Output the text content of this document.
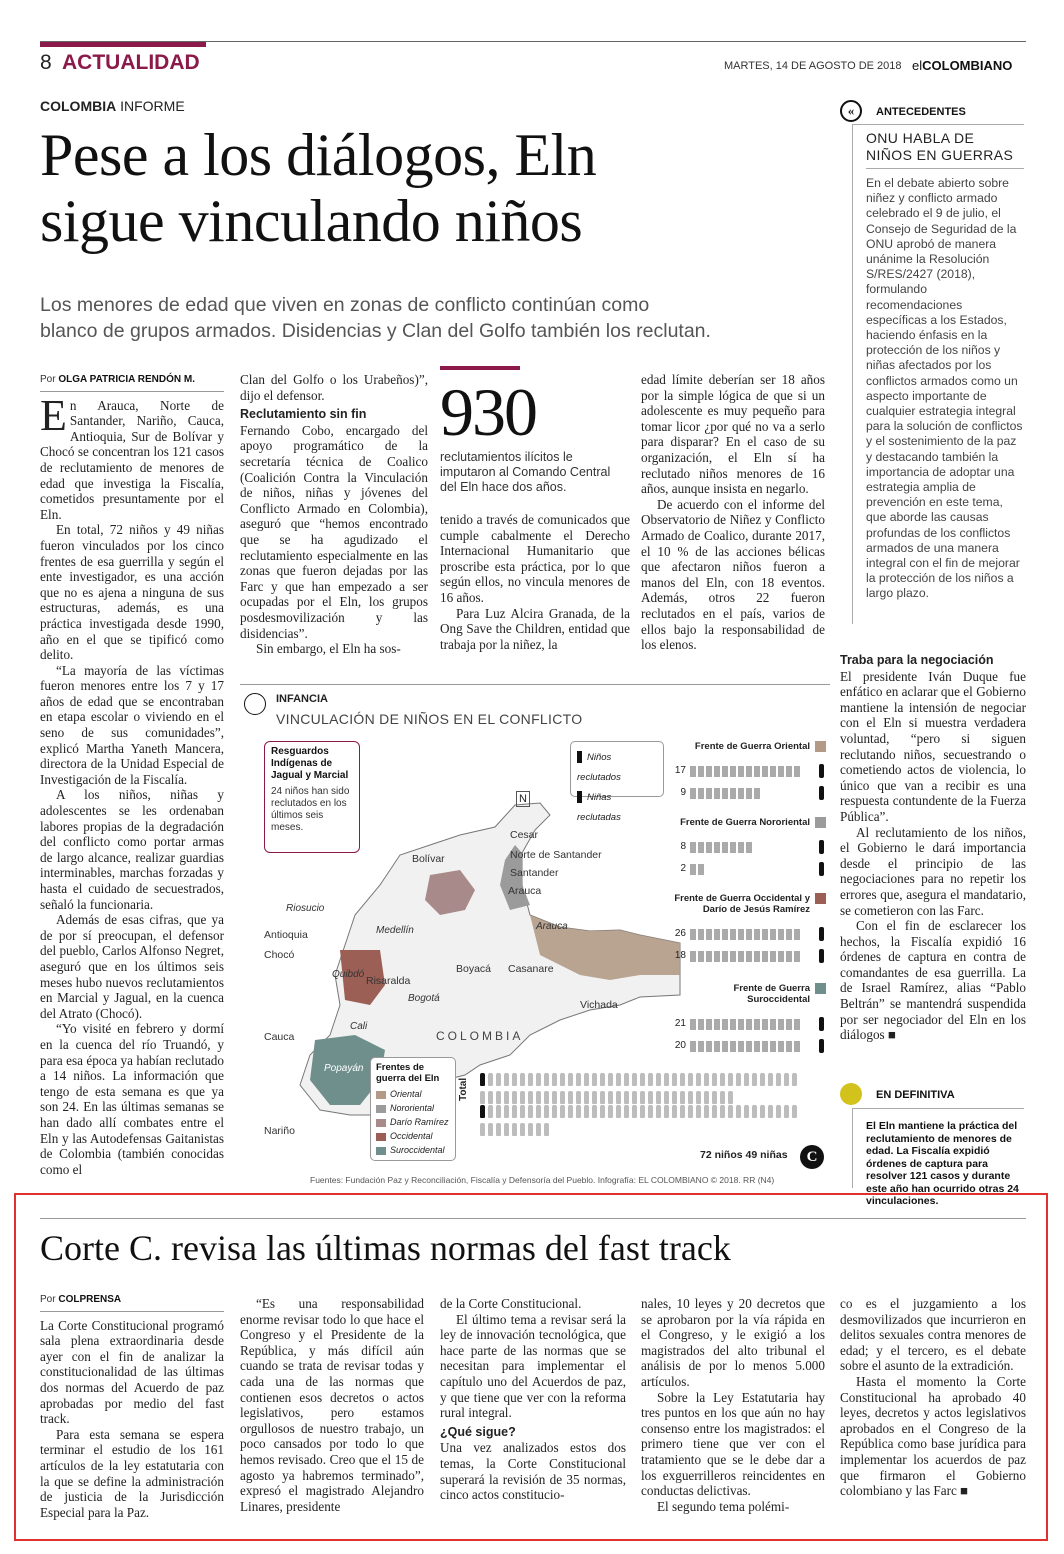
8 ACTUALIDAD	MARTES, 14 DE AGOSTO DE 2018 elCOLOMBIANO
COLOMBIA INFORME
Pese a los diálogos, Eln
sigue vinculando niños
Los menores de edad que viven en zonas de conflicto continúan como
blanco de grupos armados. Disidencias y Clan del Golfo también los reclutan.
Por OLGA PATRICIA RENDÓN M.

En Arauca, Norte de Santander, Nariño, Cauca, Antioquia, Sur de Bolívar y Chocó se concentran los 121 casos de reclutamiento de menores de edad que investiga la Fiscalía, cometidos presuntamente por el Eln.

En total, 72 niños y 49 niñas fueron vinculados por los cinco frentes de esa guerrilla y según el ente investigador, es una acción que no es ajena a ninguna de sus estructuras, además, es una práctica investigada desde 1990, año en el que se tipificó como delito.

“La mayoría de las víctimas fueron menores entre los 7 y 17 años de edad que se encontraban en etapa escolar o viviendo en el seno de sus comunidades”, explicó Martha Yaneth Mancera, directora de la Unidad Especial de Investigación de la Fiscalía.

A los niños, niñas y adolescentes se les ordenaban labores propias de la degradación del conflicto como portar armas de largo alcance, realizar guardias interminables, marchas forzadas y hasta el cuidado de secuestrados, señaló la funcionaria.

Además de esas cifras, que ya de por sí preocupan, el defensor del pueblo, Carlos Alfonso Negret, aseguró que en los últimos seis meses hubo nuevos reclutamientos en Marcial y Jagual, en la cuenca del Atrato (Chocó).

“Yo visité en febrero y dormí en la cuenca del río Truandó, y para esa época ya habían reclutado a 14 niños. La información que tengo de esta semana es que ya son 24. En las últimas semanas se han dado allí combates entre el Eln y las Autodefensas Gaitanistas de Colombia (también conocidas como el

Clan del Golfo o los Urabeños)”, dijo el defensor.

Reclutamiento sin fin

Fernando Cobo, encargado del apoyo programático de la secretaría técnica de Coalico (Coalición Contra la Vinculación de niños, niñas y jóvenes del Conflicto Armado en Colombia), aseguró que “hemos encontrado que se ha agudizado el reclutamiento especialmente en las zonas que fueron dejadas por las Farc y que han empezado a ser ocupadas por el Eln, los grupos posdesmovilización y las disidencias”.

Sin embargo, el Eln ha sos-

930
reclutamientos ilícitos le imputaron al Comando Central del Eln hace dos años.

tenido a través de comunicados que cumple cabalmente el Derecho Internacional Humanitario que proscribe esta práctica, por lo que según ellos, no vincula menores de 16 años.

Para Luz Alcira Granada, de la Ong Save the Children, entidad que trabaja por la niñez, la

edad límite deberían ser 18 años por la simple lógica de que si un adolescente es muy pequeño para tomar licor ¿por qué no va a serlo para disparar? En el caso de su organización, el Eln sí ha reclutado niños menores de 16 años, aunque insista en negarlo.

De acuerdo con el informe del Observatorio de Niñez y Conflicto Armado de Coalico, durante 2017, el 10 % de las acciones bélicas que afectaron niños fueron a manos del Eln, con 18 eventos. Además, otros 22 fueron reclutados en el país, varios de ellos bajo la responsabilidad de los elenos.

«	ANTECEDENTES
ONU HABLA DE
NIÑOS EN GUERRAS
En el debate abierto sobre niñez y conflicto armado celebrado el 9 de julio, el Consejo de Seguridad de la ONU aprobó de manera unánime la Resolución S/RES/2427 (2018), formulando recomendaciones específicas a los Estados, haciendo énfasis en la protección de los niños y niñas afectados por los conflictos armados como un aspecto importante de cualquier estrategia integral para la solución de conflictos y el sostenimiento de la paz y destacando también la importancia de adoptar una estrategia amplia de prevención en este tema, que aborde las causas profundas de los conflictos armados de una manera integral con el fin de mejorar la protección de los niños a largo plazo.
Traba para la negociación

El presidente Iván Duque fue enfático en aclarar que el Gobierno mantiene la intensión de negociar con el Eln si muestra verdadera voluntad, “pero si siguen reclutando niños, secuestrando o cometiendo actos de violencia, lo único que van a recibir es una respuesta contundente de la Fuerza Pública”.

Al reclutamiento de los niños, el Gobierno le dará importancia desde el principio de las negociaciones para no repetir los errores que, asegura el mandatario, se cometieron con las Farc.

Con el fin de esclarecer los hechos, la Fiscalía expidió 16 órdenes de captura en contra de comandantes de esa guerrilla. La de Israel Ramírez, alias “Pablo Beltrán” se mantendrá suspendida por ser negociador del Eln en los diálogos ■

EN DEFINITIVA
El Eln mantiene la práctica del reclutamiento de menores de edad. La Fiscalía expidió órdenes de captura para resolver 121 casos y durante este año han ocurrido otras 24 vinculaciones.
INFANCIA
VINCULACIÓN DE NIÑOS EN EL CONFLICTO
N
Cesar
Norte de Santander
Santander
Arauca
Arauca
Bolívar
Antioquia	Medellín
Chocó
Quibdó
Riosucio
Risaralda
Boyacá Casanare
Bogotá
Vichada
Cali
Cauca
Popayán
Pasto
Nariño
COLOMBIA
Resguardos Indígenas de Jagual y Marcial
24 niños han sido reclutados en los últimos seis meses.
Niños reclutados
Niñas reclutadas
Frente de Guerra Oriental
17
9
Frente de Guerra Nororiental
8
2
Frente de Guerra Occidental y Darío de Jesús Ramírez
26
18
Frente de Guerra Suroccidental
21
20
Frentes de guerra del Eln
Oriental
Nororiental
Darío Ramírez
Occidental
Suroccidental
Total
72 niños 49 niñas	C
Fuentes: Fundación Paz y Reconciliación, Fiscalía y Defensoría del Pueblo. Infografía: EL COLOMBIANO © 2018. RR (N4)
Corte C. revisa las últimas normas del fast track
Por COLPRENSA

La Corte Constitucional programó sala plena extraordinaria desde ayer con el fin de analizar la constitucionalidad de las últimas dos normas del Acuerdo de paz aprobadas por medio del fast track.

Para esta semana se espera terminar el estudio de los 161 artículos de la ley estatutaria con la que se define la administración de justicia de la Jurisdicción Especial para la Paz.

“Es una responsabilidad enorme revisar todo lo que hace el Congreso y el Presidente de la República, y más difícil aún cuando se trata de revisar todas y cada una de las normas que contienen esos decretos o actos legislativos, pero estamos orgullosos de nuestro trabajo, un poco cansados por todo lo que hemos revisado. Creo que el 15 de agosto ya habremos terminado”, expresó el magistrado Alejandro Linares, presidente

de la Corte Constitucional.

El último tema a revisar será la ley de innovación tecnológica, que hace parte de las normas que se necesitan para implementar el capítulo uno del Acuerdos de paz, y que tiene que ver con la reforma rural integral.

¿Qué sigue?

Una vez analizados estos dos temas, la Corte Constitucional superará la revisión de 35 normas, cinco actos constitucio-

nales, 10 leyes y 20 decretos que se aprobaron por la vía rápida en el Congreso, y le exigió a los magistrados del alto tribunal el análisis de por lo menos 5.000 artículos.

Sobre la Ley Estatutaria hay tres puntos en los que aún no hay consenso entre los magistrados: el primero tiene que ver con el tratamiento que se le debe dar a los exguerrilleros reincidentes en conductas delictivas.

El segundo tema polémi-

co es el juzgamiento a los desmovilizados que incurrieron en delitos sexuales contra menores de edad; y el tercero, es el debate sobre el asunto de la extradición.

Hasta el momento la Corte Constitucional ha aprobado 40 leyes, decretos y actos legislativos aprobados en el Congreso de la República como base jurídica para implementar los acuerdos de paz que firmaron el Gobierno colombiano y las Farc ■
